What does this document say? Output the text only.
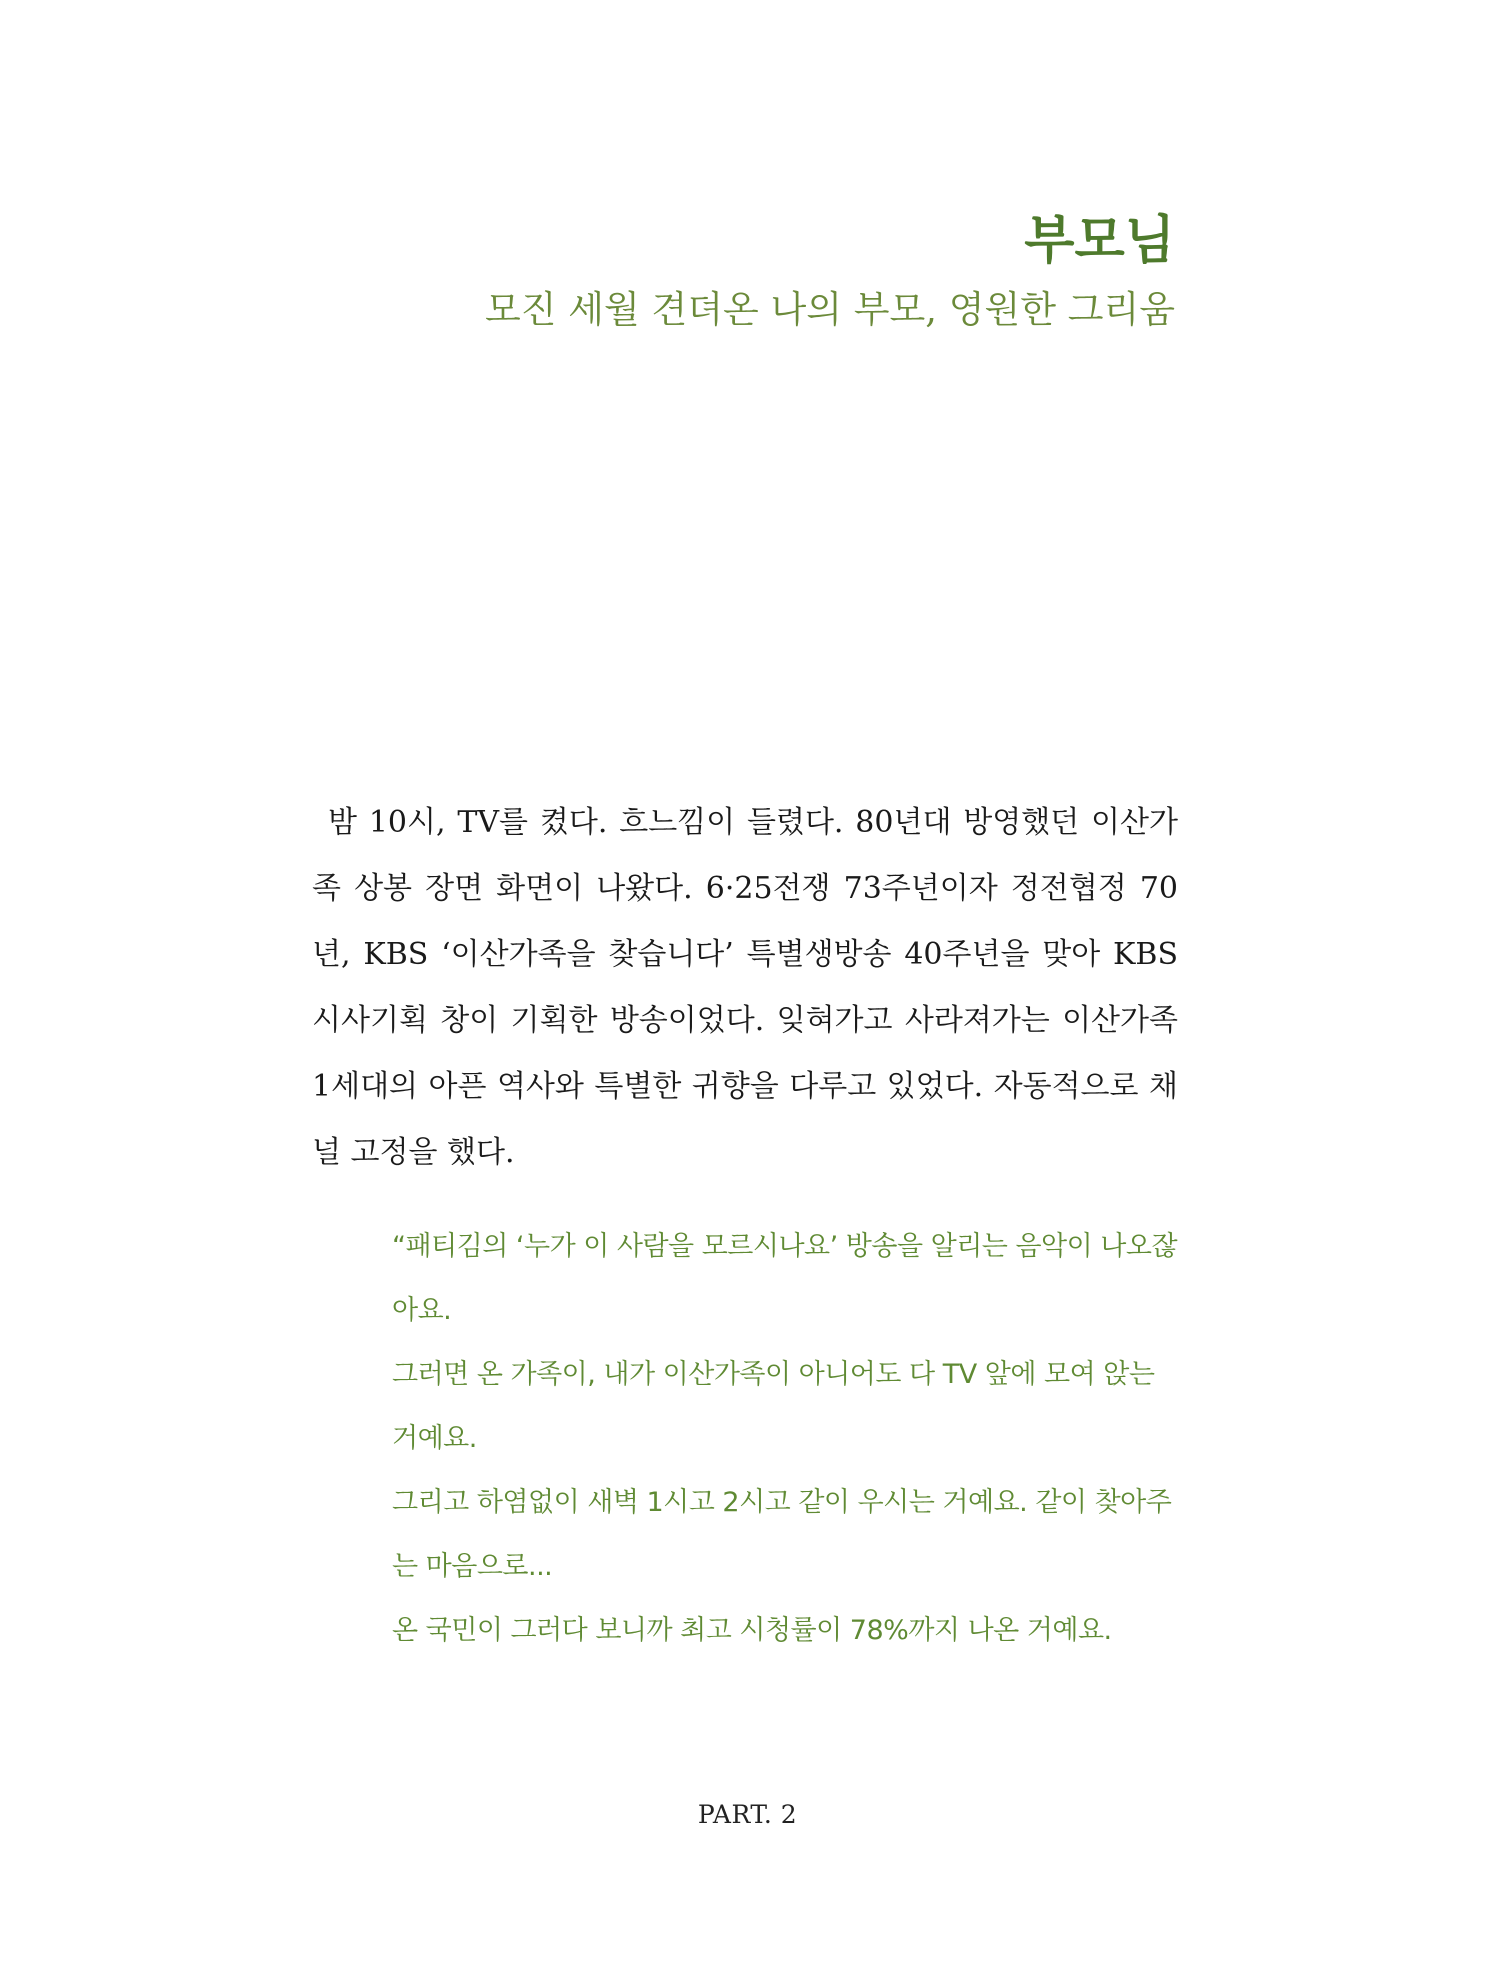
부모님
모진 세월 견뎌온 나의 부모, 영원한 그리움

밤 10시, TV를 켰다. 흐느낌이 들렸다. 80년대 방영했던 이산가족 상봉 장면 화면이 나왔다. 6·25전쟁 73주년이자 정전협정 70년, KBS ‘이산가족을 찾습니다’ 특별생방송 40주년을 맞아 KBS 시사기획 창이 기획한 방송이었다. 잊혀가고 사라져가는 이산가족 1세대의 아픈 역사와 특별한 귀향을 다루고 있었다. 자동적으로 채널 고정을 했다.

“패티김의 ‘누가 이 사람을 모르시나요’ 방송을 알리는 음악이 나오잖아요.

그러면 온 가족이, 내가 이산가족이 아니어도 다 TV 앞에 모여 앉는 거예요.

그리고 하염없이 새벽 1시고 2시고 같이 우시는 거예요. 같이 찾아주는 마음으로...

온 국민이 그러다 보니까 최고 시청률이 78%까지 나온 거예요.

PART. 2
